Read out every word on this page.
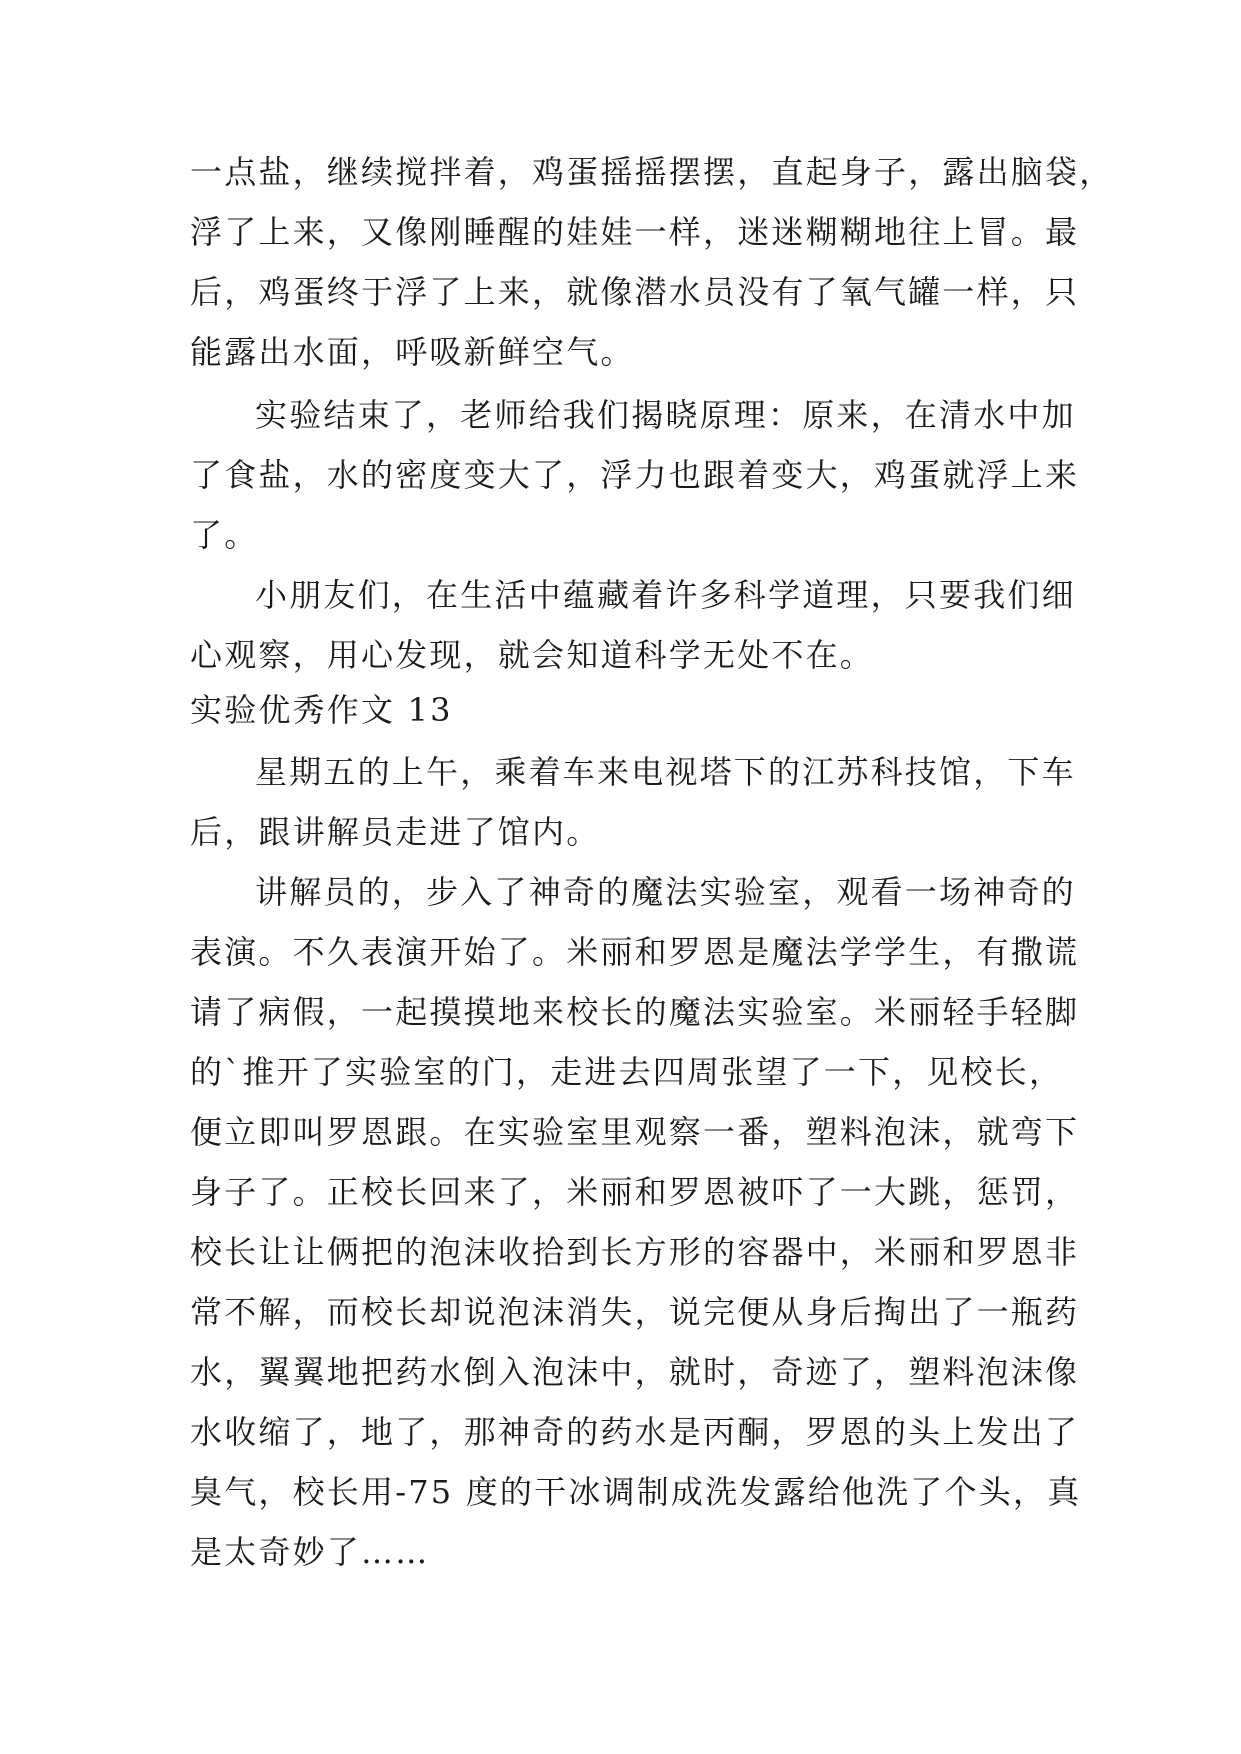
一点盐，继续搅拌着，鸡蛋摇摇摆摆，直起身子，露出脑袋，
浮了上来，又像刚睡醒的娃娃一样，迷迷糊糊地往上冒。最
后，鸡蛋终于浮了上来，就像潜水员没有了氧气罐一样，只
能露出水面，呼吸新鲜空气。
实验结束了，老师给我们揭晓原理：原来，在清水中加
了食盐，水的密度变大了，浮力也跟着变大，鸡蛋就浮上来
了。
小朋友们，在生活中蕴藏着许多科学道理，只要我们细
心观察，用心发现，就会知道科学无处不在。
实验优秀作文 13
星期五的上午，乘着车来电视塔下的江苏科技馆，下车
后，跟讲解员走进了馆内。
讲解员的，步入了神奇的魔法实验室，观看一场神奇的
表演。不久表演开始了。米丽和罗恩是魔法学学生，有撒谎
请了病假，一起摸摸地来校长的魔法实验室。米丽轻手轻脚
的`推开了实验室的门，走进去四周张望了一下，见校长，
便立即叫罗恩跟。在实验室里观察一番，塑料泡沫，就弯下
身子了。正校长回来了，米丽和罗恩被吓了一大跳，惩罚，
校长让让俩把的泡沫收拾到长方形的容器中，米丽和罗恩非
常不解，而校长却说泡沫消失，说完便从身后掏出了一瓶药
水，翼翼地把药水倒入泡沫中，就时，奇迹了，塑料泡沫像
水收缩了，地了，那神奇的药水是丙酮，罗恩的头上发出了
臭气，校长用-75 度的干冰调制成洗发露给他洗了个头，真
是太奇妙了……
